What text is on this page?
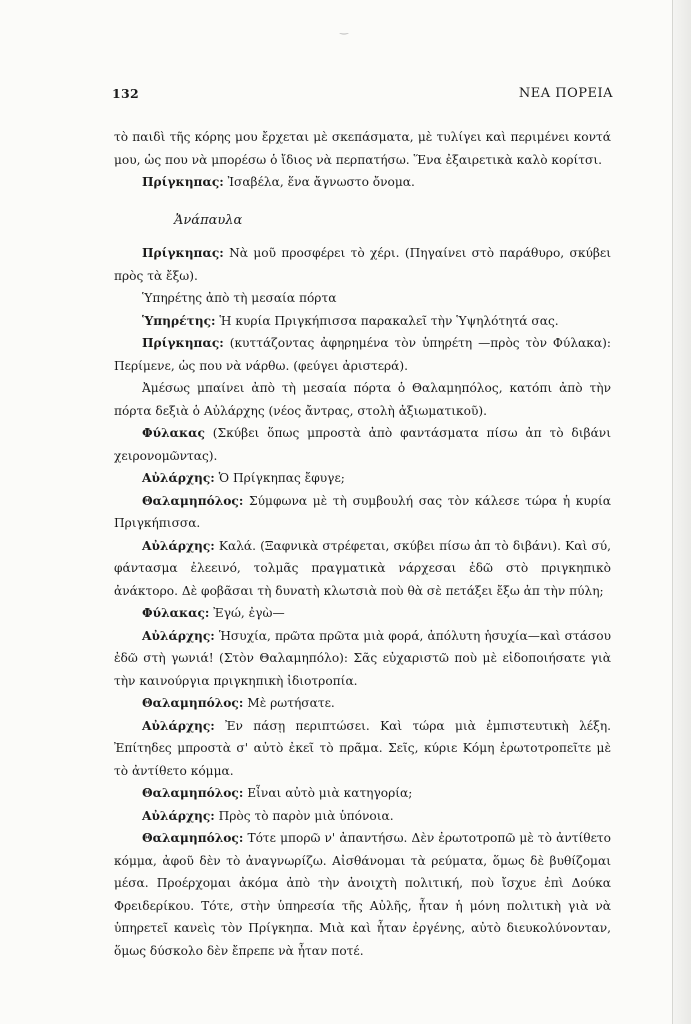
‿
132	ΝΕΑ ΠΟΡΕΙΑ

τὸ παιδὶ τῆς κόρης μου ἔρχεται μὲ σκεπάσματα, μὲ τυλίγει καὶ περιμένει κοντά μου, ὡς που νὰ μπορέσω ὁ ἴδιος νὰ περπατήσω. Ἕνα ἐξαιρετικὰ καλὸ κορίτσι.

Πρίγκηπας: Ἰσαβέλα, ἕνα ἄγνωστο ὄνομα.

Ἀνάπαυλα

Πρίγκηπας: Νὰ μοῦ προσφέρει τὸ χέρι. (Πηγαίνει στὸ παράθυρο, σκύβει πρὸς τὰ ἔξω).

Ὑπηρέτης ἀπὸ τὴ μεσαία πόρτα

Ὑπηρέτης: Ἡ κυρία Πριγκήπισσα παρακαλεῖ τὴν Ὑψηλότητά σας.

Πρίγκηπας: (κυττάζοντας ἀφηρημένα τὸν ὑπηρέτη —πρὸς τὸν Φύλακα): Περίμενε, ὡς που νὰ νάρθω. (φεύγει ἀριστερά).

Ἀμέσως μπαίνει ἀπὸ τὴ μεσαία πόρτα ὁ Θαλαμηπόλος, κατόπι ἀπὸ τὴν πόρτα δεξιὰ ὁ Αὐλάρχης (νέος ἄντρας, στολὴ ἀξιωματικοῦ).

Φύλακας (Σκύβει ὅπως μπροστὰ ἀπὸ φαντάσματα πίσω ἀπ τὸ διβάνι χειρονομῶντας).

Αὐλάρχης: Ὁ Πρίγκηπας ἔφυγε;

Θαλαμηπόλος: Σύμφωνα μὲ τὴ συμβουλή σας τὸν κάλεσε τώρα ἡ κυρία Πριγκήπισσα.

Αὐλάρχης: Καλά. (Ξαφνικὰ στρέφεται, σκύβει πίσω ἀπ τὸ διβάνι). Καὶ σύ, φάντασμα ἐλεεινό, τολμᾶς πραγματικὰ νάρχεσαι ἐδῶ στὸ πριγκηπικὸ ἀνάκτορο. Δὲ φοβᾶσαι τὴ δυνατὴ κλωτσιὰ ποὺ θὰ σὲ πετάξει ἔξω ἀπ τὴν πύλη;

Φύλακας: Ἐγώ, ἐγὼ—

Αὐλάρχης: Ἡσυχία, πρῶτα πρῶτα μιὰ φορά, ἀπόλυτη ἡσυχία—καὶ στάσου ἐδῶ στὴ γωνιά! (Στὸν Θαλαμηπόλο): Σᾶς εὐχαριστῶ ποὺ μὲ εἰδοποιήσατε γιὰ τὴν καινούργια πριγκηπικὴ ἰδιοτροπία.

Θαλαμηπόλος: Μὲ ρωτήσατε.

Αὐλάρχης: Ἐν πάσῃ περιπτώσει. Καὶ τώρα μιὰ ἐμπιστευτικὴ λέξη. Ἐπίτηδες μπροστὰ σ' αὐτὸ ἐκεῖ τὸ πρᾶμα. Σεῖς, κύριε Κόμη ἐρωτοτροπεῖτε μὲ τὸ ἀντίθετο κόμμα.

Θαλαμηπόλος: Εἶναι αὐτὸ μιὰ κατηγορία;

Αὐλάρχης: Πρὸς τὸ παρὸν μιὰ ὑπόνοια.

Θαλαμηπόλος: Τότε μπορῶ ν' ἀπαντήσω. Δὲν ἐρωτοτροπῶ μὲ τὸ ἀντίθετο κόμμα, ἀφοῦ δὲν τὸ ἀναγνωρίζω. Αἰσθάνομαι τὰ ρεύματα, ὅμως δὲ βυθίζομαι μέσα. Προέρχομαι ἀκόμα ἀπὸ τὴν ἀνοιχτὴ πολιτική, ποὺ ἴσχυε ἐπὶ Δούκα Φρειδερίκου. Τότε, στὴν ὑπηρεσία τῆς Αὐλῆς, ἦταν ἡ μόνη πολιτικὴ γιὰ νὰ ὑπηρετεῖ κανεὶς τὸν Πρίγκηπα. Μιὰ καὶ ἦταν ἐργένης, αὐτὸ διευκολύνονταν, ὅμως δύσκολο δὲν ἔπρεπε νὰ ἦταν ποτέ.
